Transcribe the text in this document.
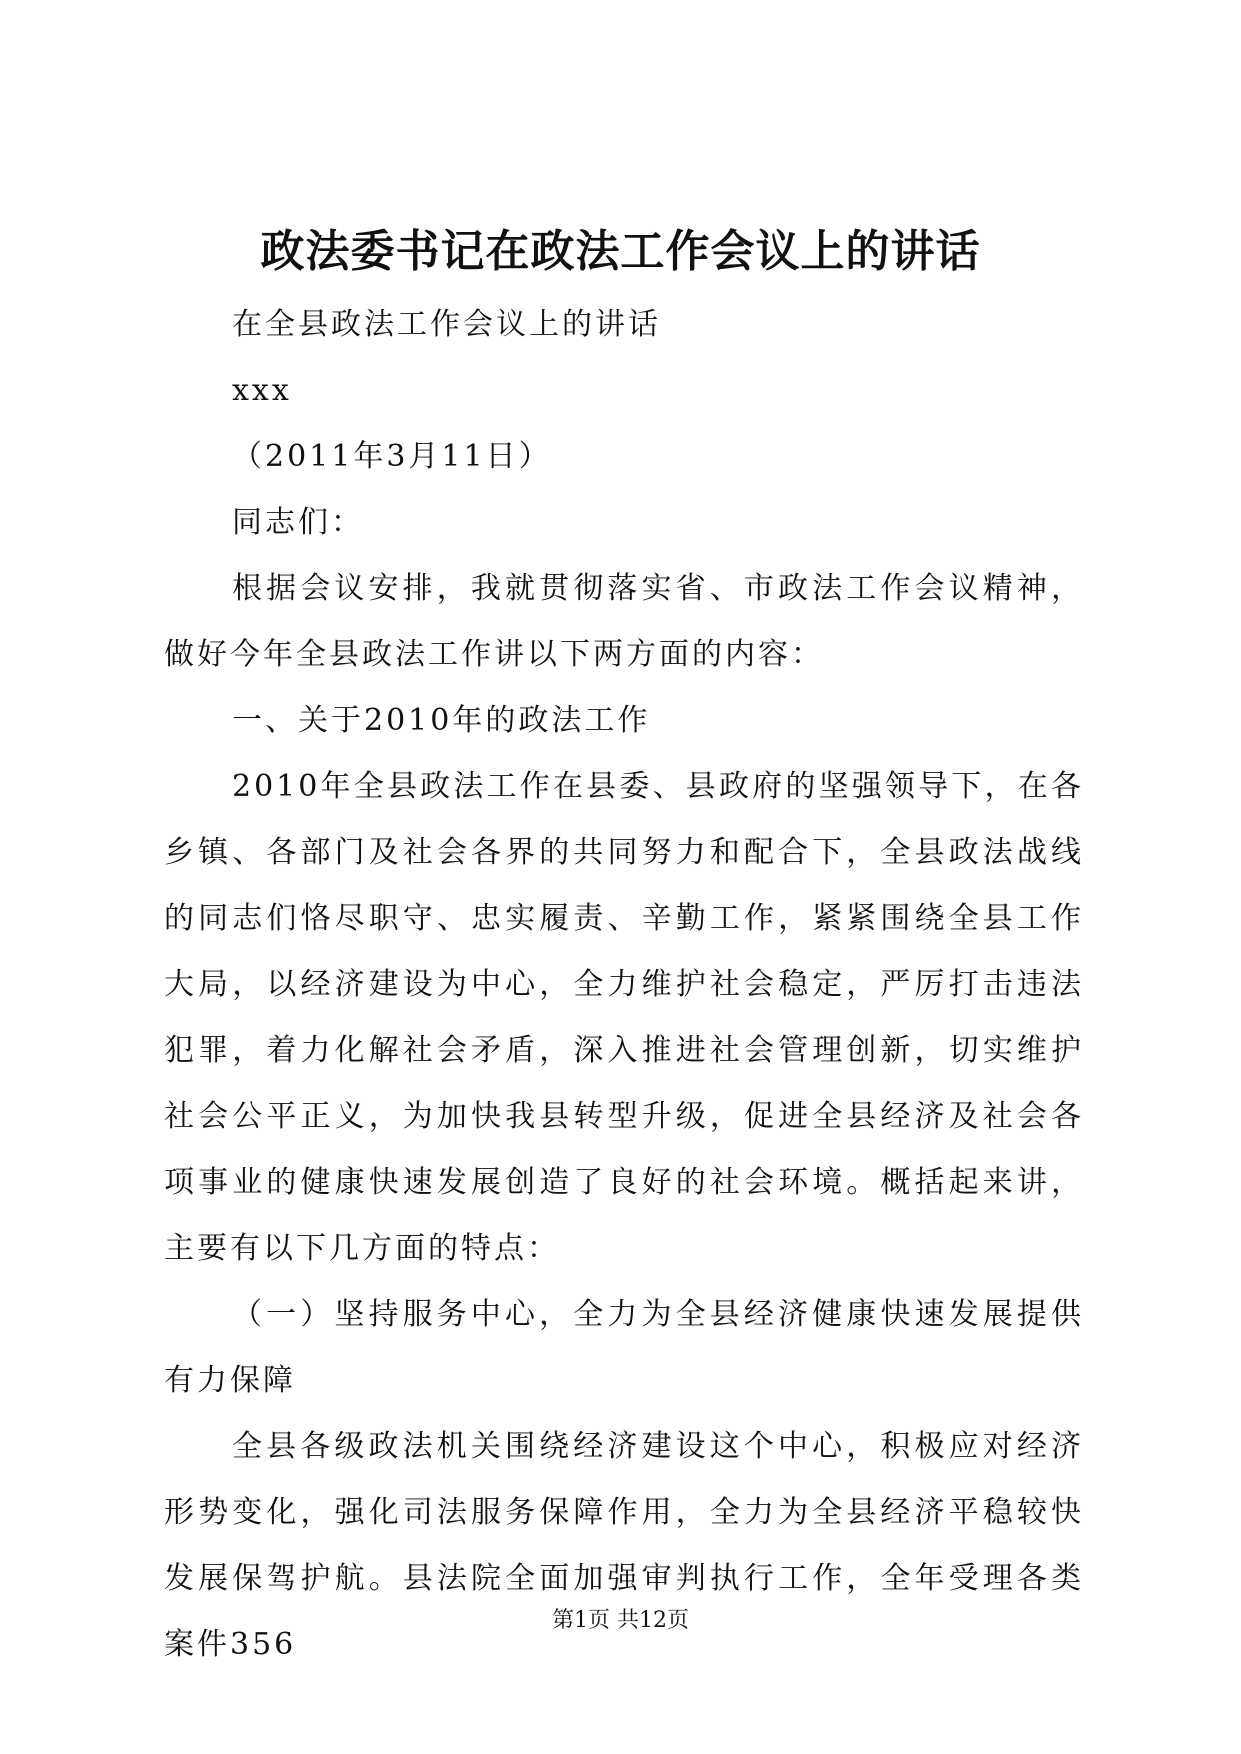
政法委书记在政法工作会议上的讲话

在全县政法工作会议上的讲话

xxx

（2011年3月11日）

同志们：

根据会议安排，我就贯彻落实省、市政法工作会议精神，做好今年全县政法工作讲以下两方面的内容：

一、关于2010年的政法工作

2010年全县政法工作在县委、县政府的坚强领导下，在各乡镇、各部门及社会各界的共同努力和配合下，全县政法战线的同志们恪尽职守、忠实履责、辛勤工作，紧紧围绕全县工作大局，以经济建设为中心，全力维护社会稳定，严厉打击违法犯罪，着力化解社会矛盾，深入推进社会管理创新，切实维护社会公平正义，为加快我县转型升级，促进全县经济及社会各项事业的健康快速发展创造了良好的社会环境。概括起来讲，主要有以下几方面的特点：

（一）坚持服务中心，全力为全县经济健康快速发展提供有力保障

全县各级政法机关围绕经济建设这个中心，积极应对经济形势变化，强化司法服务保障作用，全力为全县经济平稳较快发展保驾护航。县法院全面加强审判执行工作，全年受理各类案件356

第1页 共12页
